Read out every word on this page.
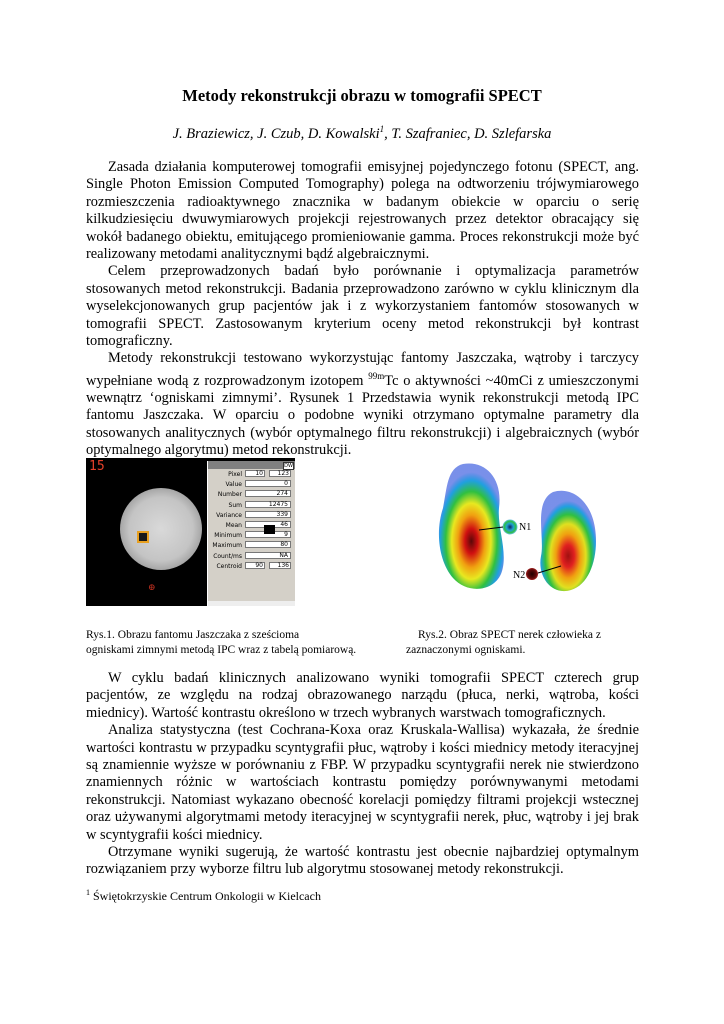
Metody rekonstrukcji obrazu w tomografii SPECT
J. Braziewicz, J. Czub, D. Kowalski$^1$, T. Szafraniec, D. Szlefarska

Zasada działania komputerowej tomografii emisyjnej pojedynczego fotonu (SPECT, ang. Single Photon Emission Computed Tomography) polega na odtworzeniu trójwymiarowego rozmieszczenia radioaktywnego znacznika w badanym obiekcie w oparciu o serię kilkudziesięciu dwuwymiarowych projekcji rejestrowanych przez detektor obracający się wokół badanego obiektu, emitującego promieniowanie gamma. Proces rekonstrukcji może być realizowany metodami analitycznymi bądź algebraicznymi.

Celem przeprowadzonych badań było porównanie i optymalizacja parametrów stosowanych metod rekonstrukcji. Badania przeprowadzono zarówno w cyklu klinicznym dla wyselekcjonowanych grup pacjentów jak i z wykorzystaniem fantomów stosowanych w tomografii SPECT. Zastosowanym kryterium oceny metod rekonstrukcji był kontrast tomograficzny.

Metody rekonstrukcji testowano wykorzystując fantomy Jaszczaka, wątroby i tarczycy wypełniane wodą z rozprowadzonym izotopem $^{99m}$Tc o aktywności ~40mCi z umieszczonymi wewnątrz ‘ogniskami zimnymi’. Rysunek 1 Przedstawia wynik rekonstrukcji metodą IPC fantomu Jaszczaka. W oparciu o podobne wyniki otrzymano optymalne parametry dla stosowanych analitycznych (wybór optymalnego filtru rekonstrukcji) i algebraicznych (wybór optymalnego algorytmu) metod rekonstrukcji.

15
⊕
DW
Pixel	10	123
Value	0
Number	274
Sum	12475
Variance	339
Mean	46
Minimum	9
Maximum	80
Count/ms	NA
Centroid	90	136
N1
N2
Rys.1. Obrazu fantomu Jaszczaka z sześciomа
ogniskami zimnymi metodą IPC wraz z tabelą pomiarową.
Rys.2. Obraz SPECT nerek człowieka z
zaznaczonymi ogniskami.

W cyklu badań klinicznych analizowano wyniki tomografii SPECT czterech grup pacjentów, ze względu na rodzaj obrazowanego narządu (płuca, nerki, wątroba, kości miednicy). Wartość kontrastu określono w trzech wybranych warstwach tomograficznych.

Analiza statystyczna (test Cochrana-Koxa oraz Kruskala-Wallisa) wykazała, że średnie wartości kontrastu w przypadku scyntygrafii płuc, wątroby i kości miednicy metody iteracyjnej są znamiennie wyższe w porównaniu z FBP. W przypadku scyntygrafii nerek nie stwierdzono znamiennych różnic w wartościach kontrastu pomiędzy porównywanymi metodami rekonstrukcji. Natomiast wykazano obecność korelacji pomiędzy filtrami projekcji wstecznej oraz używanymi algorytmami metody iteracyjnej w scyntygrafii nerek, płuc, wątroby i jej brak w scyntygrafii kości miednicy.

Otrzymane wyniki sugerują, że wartość kontrastu jest obecnie najbardziej optymalnym rozwiązaniem przy wyborze filtru lub algorytmu stosowanej metody rekonstrukcji.

$^1$ Świętokrzyskie Centrum Onkologii w Kielcach
